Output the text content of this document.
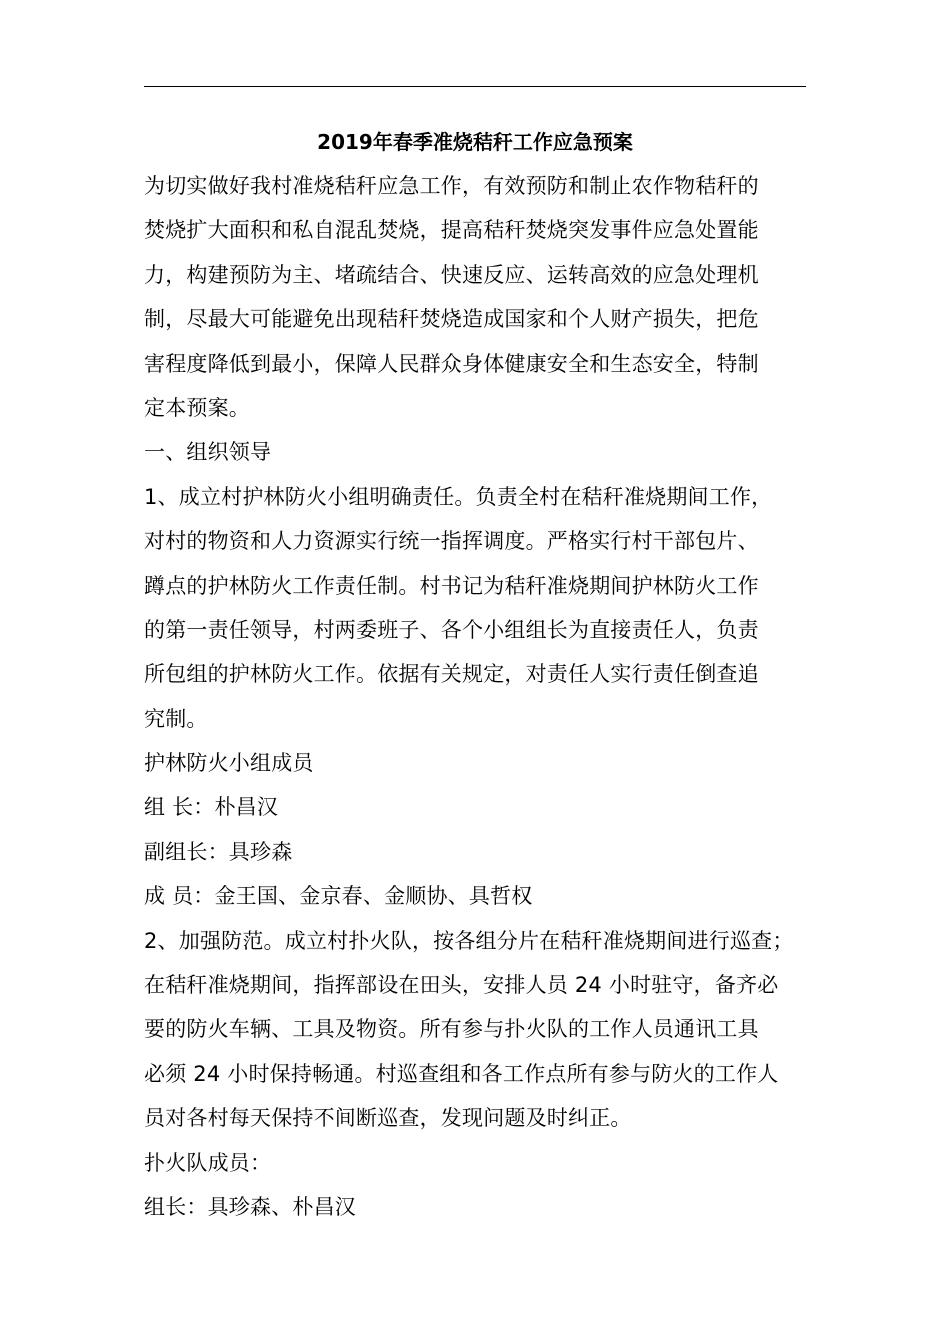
2019年春季准烧秸秆工作应急预案
为切实做好我村准烧秸秆应急工作，有效预防和制止农作物秸秆的
焚烧扩大面积和私自混乱焚烧，提高秸秆焚烧突发事件应急处置能
力，构建预防为主、堵疏结合、快速反应、运转高效的应急处理机
制，尽最大可能避免出现秸秆焚烧造成国家和个人财产损失，把危
害程度降低到最小，保障人民群众身体健康安全和生态安全，特制
定本预案。
一、组织领导
1、成立村护林防火小组明确责任。负责全村在秸秆准烧期间工作，
对村的物资和人力资源实行统一指挥调度。严格实行村干部包片、
蹲点的护林防火工作责任制。村书记为秸秆准烧期间护林防火工作
的第一责任领导，村两委班子、各个小组组长为直接责任人，负责
所包组的护林防火工作。依据有关规定，对责任人实行责任倒查追
究制。
护林防火小组成员
组 长：朴昌汉
副组长：具珍森
成 员：金王国、金京春、金顺协、具哲权
2、加强防范。成立村扑火队，按各组分片在秸秆准烧期间进行巡查；
在秸秆准烧期间，指挥部设在田头，安排人员 24 小时驻守，备齐必
要的防火车辆、工具及物资。所有参与扑火队的工作人员通讯工具
必须 24 小时保持畅通。村巡查组和各工作点所有参与防火的工作人
员对各村每天保持不间断巡查，发现问题及时纠正。
扑火队成员：
组长：具珍森、朴昌汉
